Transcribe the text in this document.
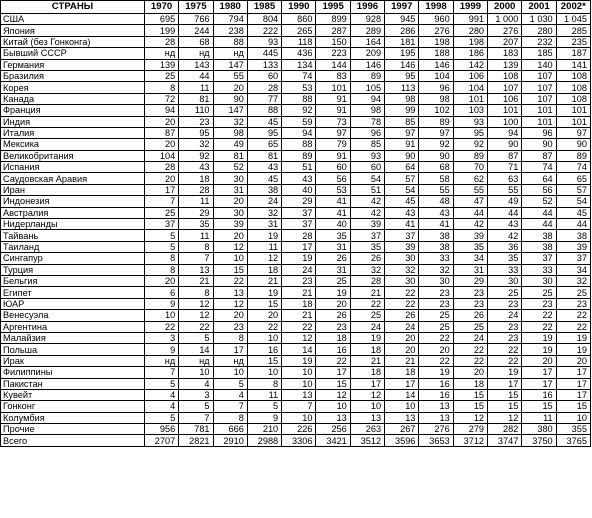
СТРАНЫ	1970	1975	1980	1985	1990	1995	1996	1997	1998	1999	2000	2001	2002*
США	695	766	794	804	860	899	928	945	960	991	1 000	1 030	1 045
Япония	199	244	238	222	265	287	289	286	276	280	276	280	285
Китай (без Гонконга)	28	68	88	93	118	150	164	181	198	198	207	232	235
Бывший СССР	нд	нд	нд	445	436	223	209	195	188	186	183	185	187
Германия	139	143	147	133	134	144	146	146	146	142	139	140	141
Бразилия	25	44	55	60	74	83	89	95	104	106	108	107	108
Корея	8	11	20	28	53	101	105	113	96	104	107	107	108
Канада	72	81	90	77	88	91	94	98	98	101	106	107	108
Франция	94	110	147	88	92	91	98	99	102	103	101	101	101
Индия	20	23	32	45	59	73	78	85	89	93	100	101	101
Италия	87	95	98	95	94	97	96	97	97	95	94	96	97
Мексика	20	32	49	65	88	79	85	91	92	92	90	90	90
Великобритания	104	92	81	81	89	91	93	90	90	89	87	87	89
Испания	28	43	52	43	51	60	60	64	68	70	71	74	74
Саудовская Аравия	20	18	30	45	43	56	54	57	58	62	63	64	65
Иран	17	28	31	38	40	53	51	54	55	55	55	56	57
Индонезия	7	11	20	24	29	41	42	45	48	47	49	52	54
Австралия	25	29	30	32	37	41	42	43	43	44	44	44	45
Нидерланды	37	35	39	31	37	40	39	41	41	42	43	44	44
Тайвань	5	11	20	19	28	35	37	37	38	39	42	38	38
Таиланд	5	8	12	11	17	31	35	39	38	35	36	38	39
Сингапур	8	7	10	12	19	26	26	30	33	34	35	37	37
Турция	8	13	15	18	24	31	32	32	32	31	33	33	34
Бельгия	20	21	22	21	23	25	28	30	30	29	30	30	32
Египет	6	8	13	19	21	19	21	22	23	23	25	25	25
ЮАР	9	12	12	15	18	20	22	22	23	23	23	23	23
Венесуэла	10	12	20	20	21	26	25	26	25	26	24	22	22
Аргентина	22	22	23	22	22	23	24	24	25	25	23	22	22
Малайзия	3	5	8	10	12	18	19	20	22	24	23	19	19
Польша	9	14	17	16	14	16	18	20	20	22	22	19	19
Ирак	нд	нд	нд	15	19	22	21	21	22	22	22	20	20
Филиппины	7	10	10	10	10	17	18	18	19	20	19	17	17
Пакистан	5	4	5	8	10	15	17	17	16	18	17	17	17
Кувейт	4	3	4	11	13	12	12	14	16	15	15	16	17
Гонконг	4	5	7	5	7	10	10	10	13	15	15	15	15
Колумбия	5	7	8	9	10	13	13	13	13	12	12	11	10
Прочие	956	781	666	210	226	256	263	267	276	279	282	380	355
Всего	2707	2821	2910	2988	3306	3421	3512	3596	3653	3712	3747	3750	3765
